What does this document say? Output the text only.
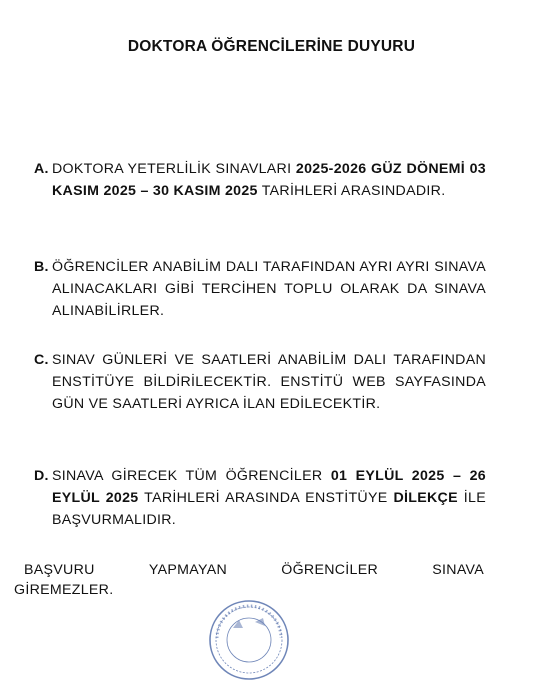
DOKTORA ÖĞRENCİLERİNE DUYURU
A. DOKTORA YETERLİLİK SINAVLARI 2025-2026 GÜZ DÖNEMİ 03 KASIM 2025 – 30 KASIM 2025 TARİHLERİ ARASINDADIR.
B. ÖĞRENCİLER ANABİLİM DALI TARAFINDAN AYRI AYRI SINAVA ALINACAKLARI GİBİ TERCİHEN TOPLU OLARAK DA SINAVA ALINABİLİRLER.
C. SINAV GÜNLERİ VE SAATLERİ ANABİLİM DALI TARAFINDAN ENSTİTÜYE BİLDİRİLECEKTİR. ENSTİTÜ WEB SAYFASINDA GÜN VE SAATLERİ AYRICA İLAN EDİLECEKTİR.
D. SINAVA GİRECEK TÜM ÖĞRENCİLER 01 EYLÜL 2025 – 26 EYLÜL 2025 TARİHLERİ ARASINDA ENSTİTÜYE DİLEKÇE İLE BAŞVURMALIDIR.
BAŞVURU	YAPMAYAN	ÖĞRENCİLER	SINAVA
GİREMEZLER.
